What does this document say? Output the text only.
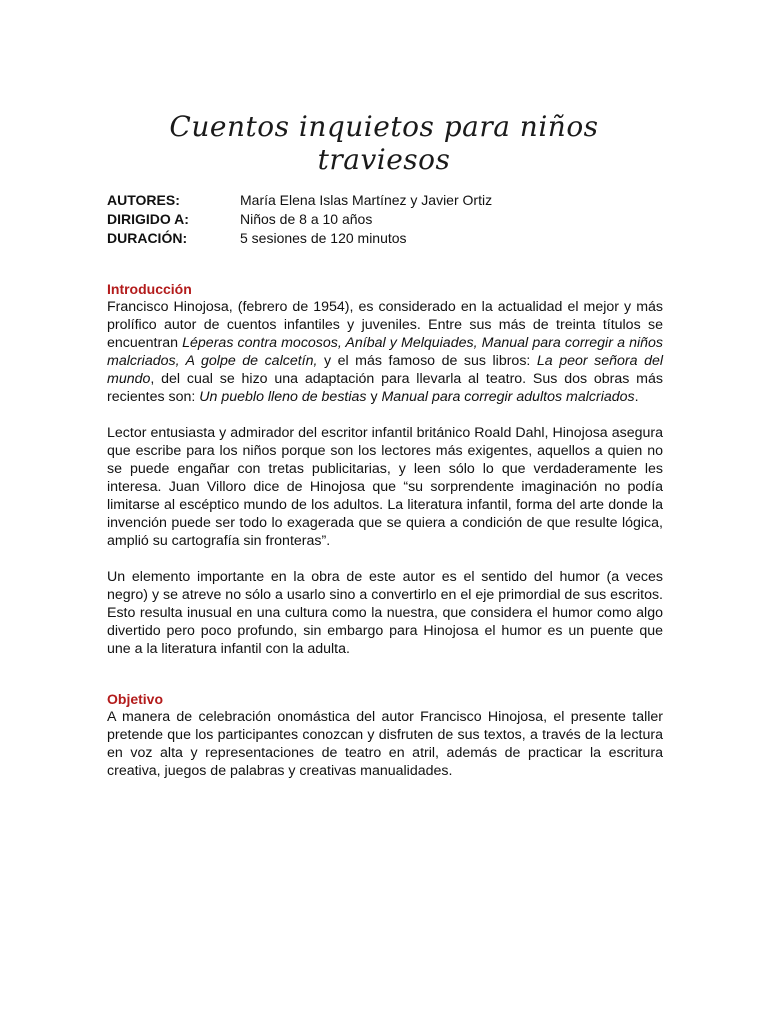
Cuentos inquietos para niños traviesos
AUTORES:	María Elena Islas Martínez y Javier Ortiz
DIRIGIDO A:	Niños de 8 a 10 años
DURACIÓN:	5 sesiones de 120 minutos
Introducción

Francisco Hinojosa, (febrero de 1954), es considerado en la actualidad el mejor y más prolífico autor de cuentos infantiles y juveniles. Entre sus más de treinta títulos se encuentran Léperas contra mocosos, Aníbal y Melquiades, Manual para corregir a niños malcriados, A golpe de calcetín, y el más famoso de sus libros: La peor señora del mundo, del cual se hizo una adaptación para llevarla al teatro. Sus dos obras más recientes son: Un pueblo lleno de bestias y Manual para corregir adultos malcriados.

Lector entusiasta y admirador del escritor infantil británico Roald Dahl, Hinojosa asegura que escribe para los niños porque son los lectores más exigentes, aquellos a quien no se puede engañar con tretas publicitarias, y leen sólo lo que verdaderamente les interesa. Juan Villoro dice de Hinojosa que “su sorprendente imaginación no podía limitarse al escéptico mundo de los adultos. La literatura infantil, forma del arte donde la invención puede ser todo lo exagerada que se quiera a condición de que resulte lógica, amplió su cartografía sin fronteras”.

Un elemento importante en la obra de este autor es el sentido del humor (a veces negro) y se atreve no sólo a usarlo sino a convertirlo en el eje primordial de sus escritos. Esto resulta inusual en una cultura como la nuestra, que considera el humor como algo divertido pero poco profundo, sin embargo para Hinojosa el humor es un puente que une a la literatura infantil con la adulta.

Objetivo

A manera de celebración onomástica del autor Francisco Hinojosa, el presente taller pretende que los participantes conozcan y disfruten de sus textos, a través de la lectura en voz alta y representaciones de teatro en atril, además de practicar la escritura creativa, juegos de palabras y creativas manualidades.
